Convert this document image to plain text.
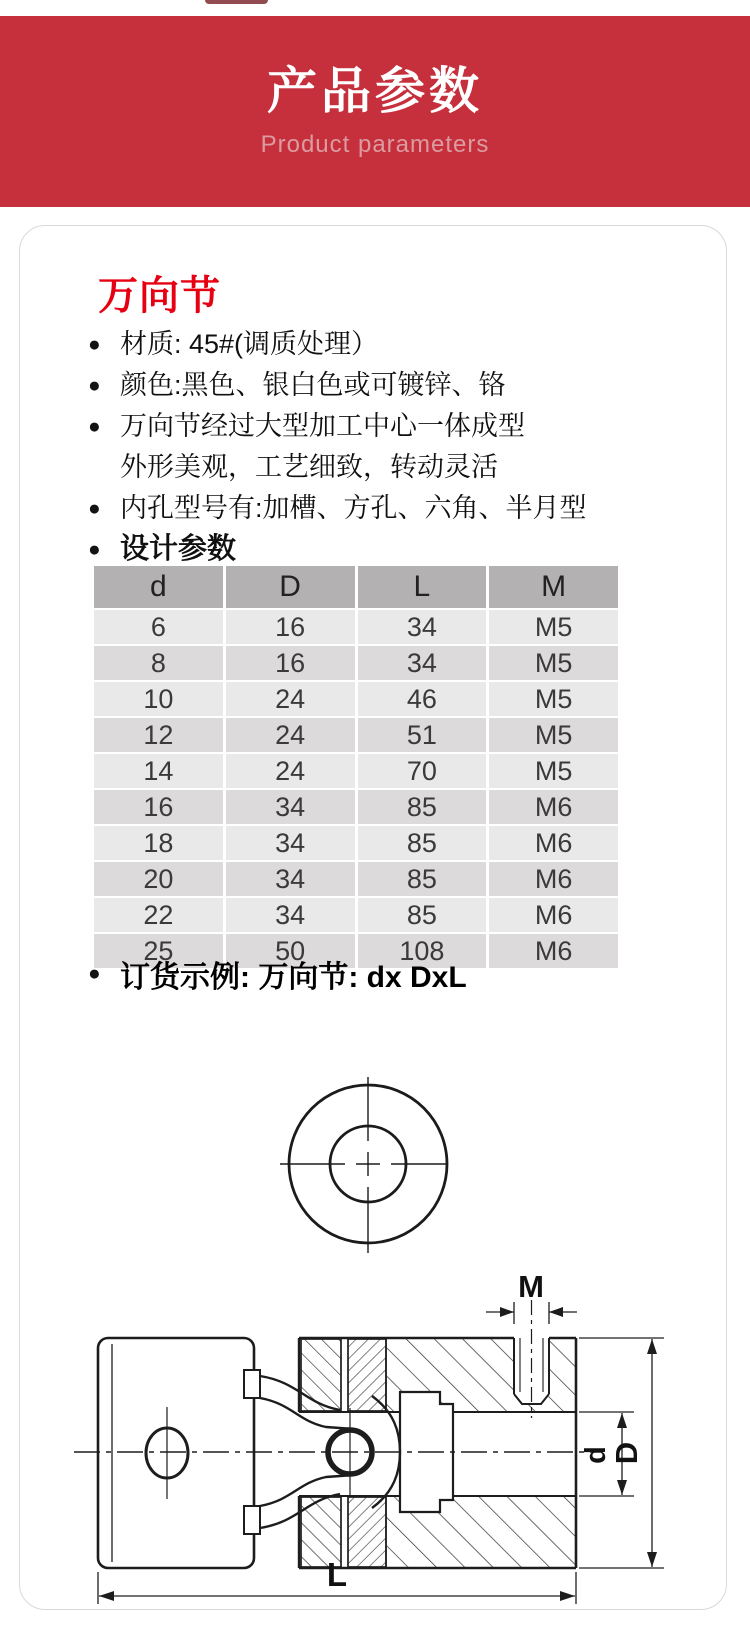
产品参数
Product parameters
万向节
● 材质: 45#(调质处理）
● 颜色:黑色、银白色或可镀锌、铬
● 万向节经过大型加工中心一体成型
外形美观，工艺细致，转动灵活
● 内孔型号有:加槽、方孔、六角、半月型
● 设计参数
d	D	L	M
6	16	34	M5
8	16	34	M5
10	24	46	M5
12	24	51	M5
14	24	70	M5
16	34	85	M6
18	34	85	M6
20	34	85	M6
22	34	85	M6
25	50	108	M6
● 订货示例: 万向节: dx DxL
M
d
D
L
